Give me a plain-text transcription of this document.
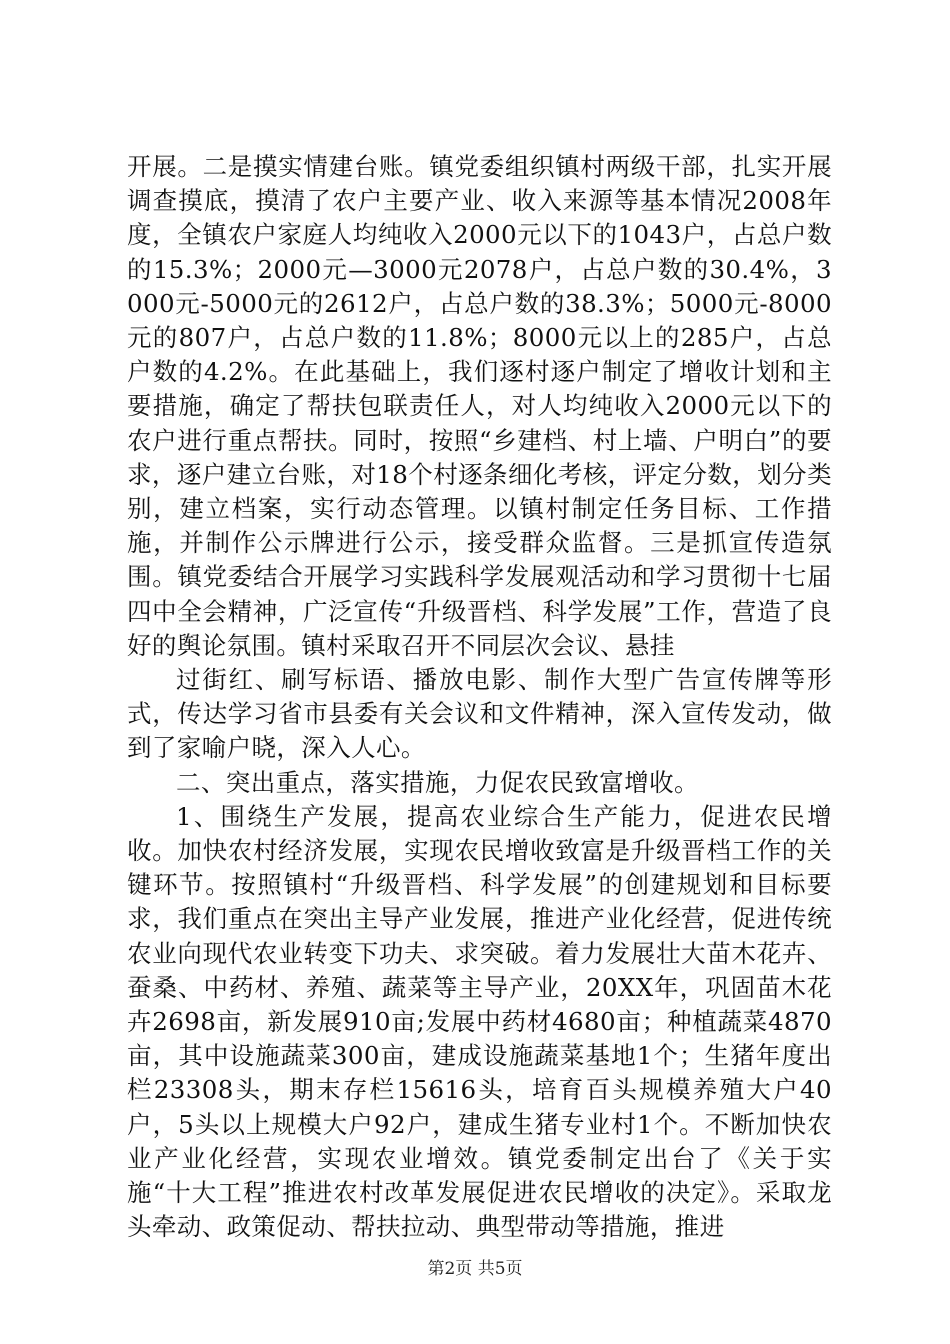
开展。二是摸实情建台账。镇党委组织镇村两级干部，扎实开展调查摸底，摸清了农户主要产业、收入来源等基本情况2008年度，全镇农户家庭人均纯收入2000元以下的1043户，占总户数的15.3%；2000元—3000元2078户，占总户数的30.4%，3000元-5000元的2612户，占总户数的38.3%；5000元-8000元的807户，占总户数的11.8%；8000元以上的285户，占总户数的4.2%。在此基础上，我们逐村逐户制定了增收计划和主要措施，确定了帮扶包联责任人，对人均纯收入2000元以下的农户进行重点帮扶。同时，按照“乡建档、村上墙、户明白”的要求，逐户建立台账，对18个村逐条细化考核，评定分数，划分类别，建立档案，实行动态管理。以镇村制定任务目标、工作措施，并制作公示牌进行公示，接受群众监督。三是抓宣传造氛围。镇党委结合开展学习实践科学发展观活动和学习贯彻十七届四中全会精神，广泛宣传“升级晋档、科学发展”工作，营造了良好的舆论氛围。镇村采取召开不同层次会议、悬挂

过街红、刷写标语、播放电影、制作大型广告宣传牌等形式，传达学习省市县委有关会议和文件精神，深入宣传发动，做到了家喻户晓，深入人心。

二、突出重点，落实措施，力促农民致富增收。

1、围绕生产发展，提高农业综合生产能力，促进农民增收。加快农村经济发展，实现农民增收致富是升级晋档工作的关键环节。按照镇村“升级晋档、科学发展”的创建规划和目标要求，我们重点在突出主导产业发展，推进产业化经营，促进传统农业向现代农业转变下功夫、求突破。着力发展壮大苗木花卉、蚕桑、中药材、养殖、蔬菜等主导产业，20XX年，巩固苗木花卉2698亩，新发展910亩;发展中药材4680亩；种植蔬菜4870亩，其中设施蔬菜300亩，建成设施蔬菜基地1个；生猪年度出栏23308头，期末存栏15616头，培育百头规模养殖大户40户，5头以上规模大户92户，建成生猪专业村1个。不断加快农业产业化经营，实现农业增效。镇党委制定出台了《关于实施“十大工程”推进农村改革发展促进农民增收的决定》。采取龙头牵动、政策促动、帮扶拉动、典型带动等措施，推进

第2页 共5页
